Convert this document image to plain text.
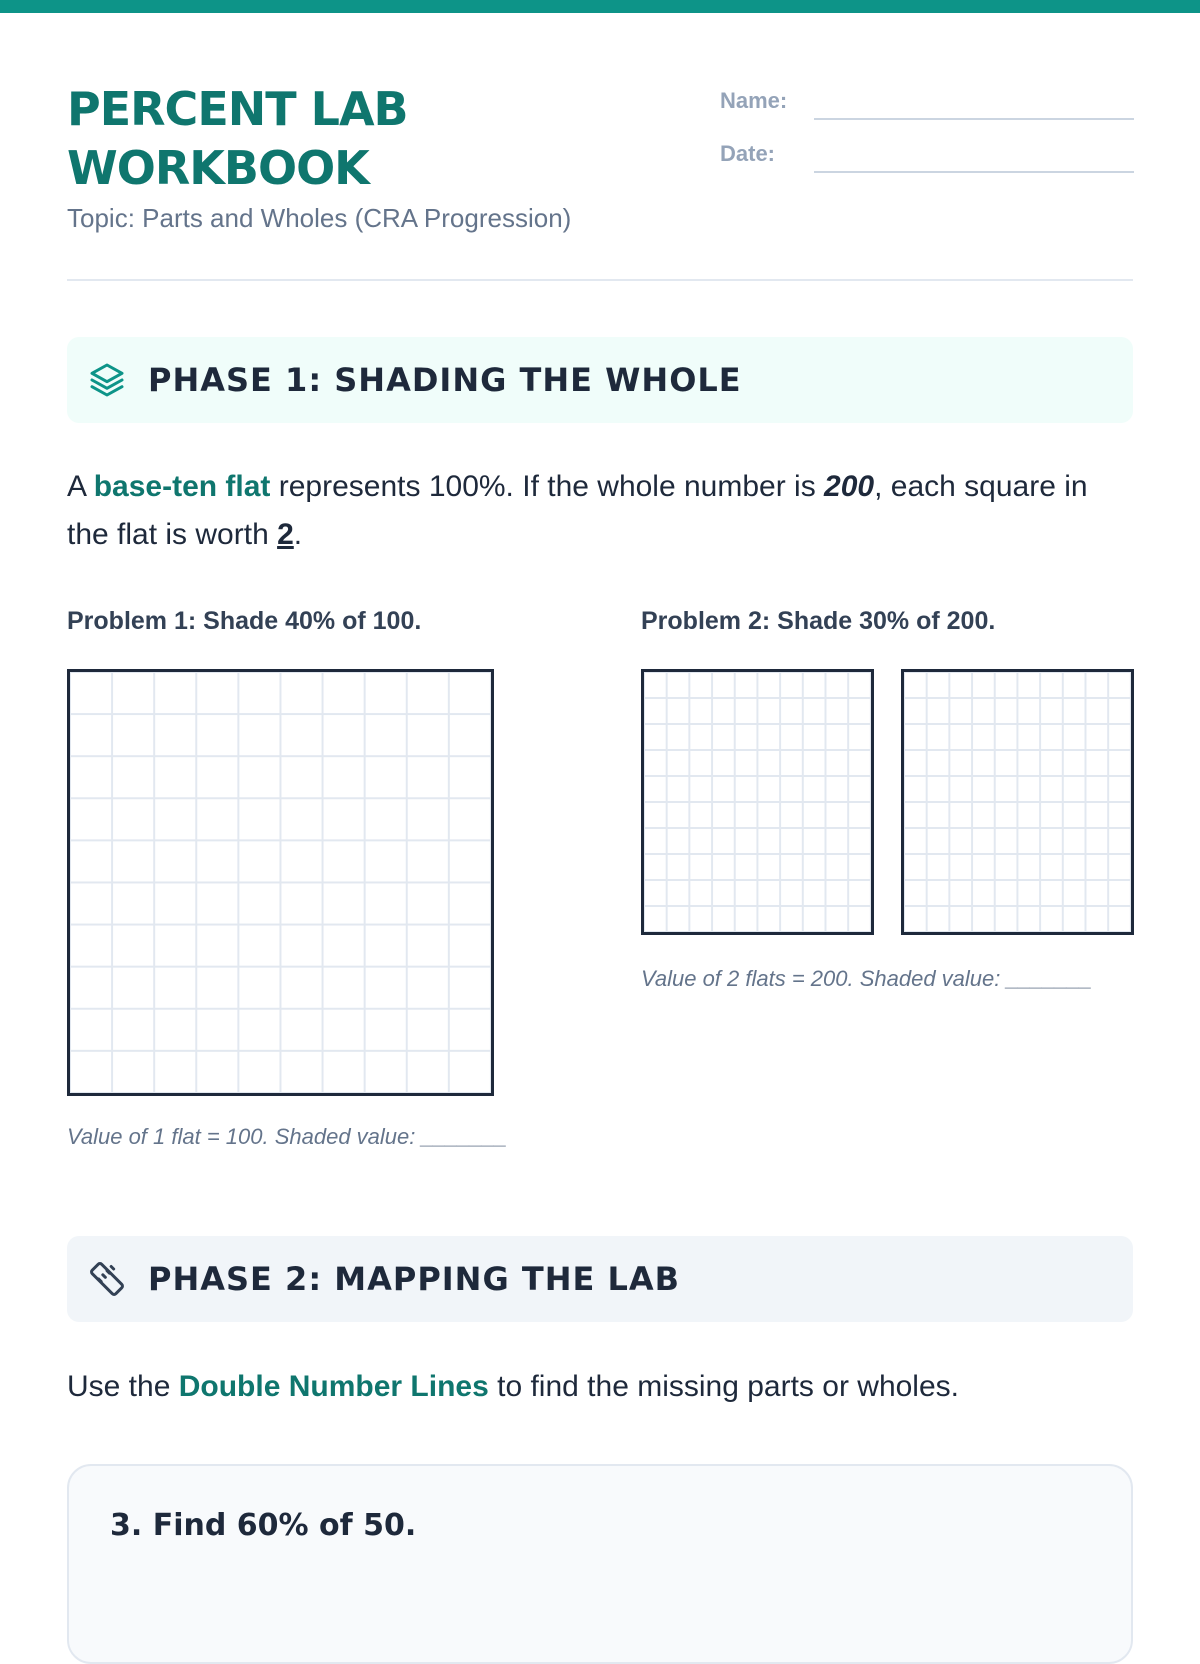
PERCENT LAB
WORKBOOK
Topic: Parts and Wholes (CRA Progression)
Name:
Date:
PHASE 1: SHADING THE WHOLE

A base-ten flat represents 100%. If the whole number is 200, each square in the flat is worth 2.

Problem 1: Shade 40% of 100.	Problem 2: Shade 30% of 200.
Value of 1 flat = 100. Shaded value: _______
Value of 2 flats = 200. Shaded value: _______
PHASE 2: MAPPING THE LAB

Use the Double Number Lines to find the missing parts or wholes.

3. Find 60% of 50.
